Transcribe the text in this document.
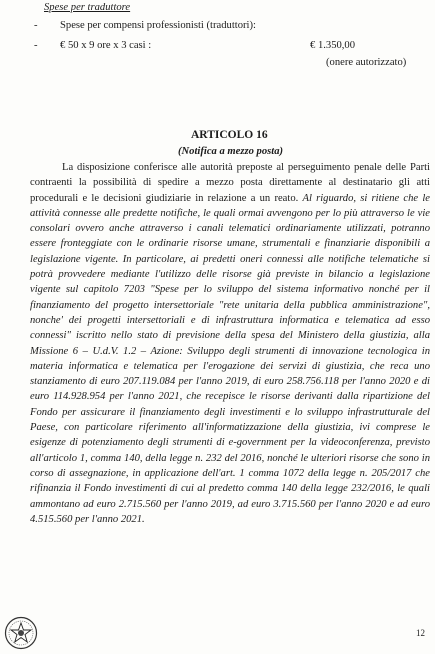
Spese per traduttore
- Spese per compensi professionisti (traduttori):
- € 50 x 9 ore x 3 casi :	€ 1.350,00
(onere autorizzato)
ARTICOLO 16
(Notifica a mezzo posta)

La disposizione conferisce alle autorità preposte al perseguimento penale delle Parti contraenti la possibilità di spedire a mezzo posta direttamente al destinatario gli atti procedurali e le decisioni giudiziarie in relazione a un reato. Al riguardo, si ritiene che le attività connesse alle predette notifiche, le quali ormai avvengono per lo più attraverso le vie consolari ovvero anche attraverso i canali telematici ordinariamente utilizzati, potranno essere fronteggiate con le ordinarie risorse umane, strumentali e finanziarie disponibili a legislazione vigente. In particolare, ai predetti oneri connessi alle notifiche telematiche si potrà provvedere mediante l'utilizzo delle risorse già previste in bilancio a legislazione vigente sul capitolo 7203 "Spese per lo sviluppo del sistema informativo nonché per il finanziamento del progetto intersettoriale "rete unitaria della pubblica amministrazione", nonche' dei progetti intersettoriali e di infrastruttura informatica e telematica ad esso connessi" iscritto nello stato di previsione della spesa del Ministero della giustizia, alla Missione 6 – U.d.V. 1.2 – Azione: Sviluppo degli strumenti di innovazione tecnologica in materia informatica e telematica per l'erogazione dei servizi di giustizia, che reca uno stanziamento di euro 207.119.084 per l'anno 2019, di euro 258.756.118 per l'anno 2020 e di euro 114.928.954 per l'anno 2021, che recepisce le risorse derivanti dalla ripartizione del Fondo per assicurare il finanziamento degli investimenti e lo sviluppo infrastrutturale del Paese, con particolare riferimento all'informatizzazione della giustizia, ivi comprese le esigenze di potenziamento degli strumenti di e-government per la videoconferenza, previsto all'articolo 1, comma 140, della legge n. 232 del 2016, nonché le ulteriori risorse che sono in corso di assegnazione, in applicazione dell'art. 1 comma 1072 della legge n. 205/2017 che rifinanzia il Fondo investimenti di cui al predetto comma 140 della legge 232/2016, le quali ammontano ad euro 2.715.560 per l'anno 2019, ad euro 3.715.560 per l'anno 2020 e ad euro 4.515.560 per l'anno 2021.

12
